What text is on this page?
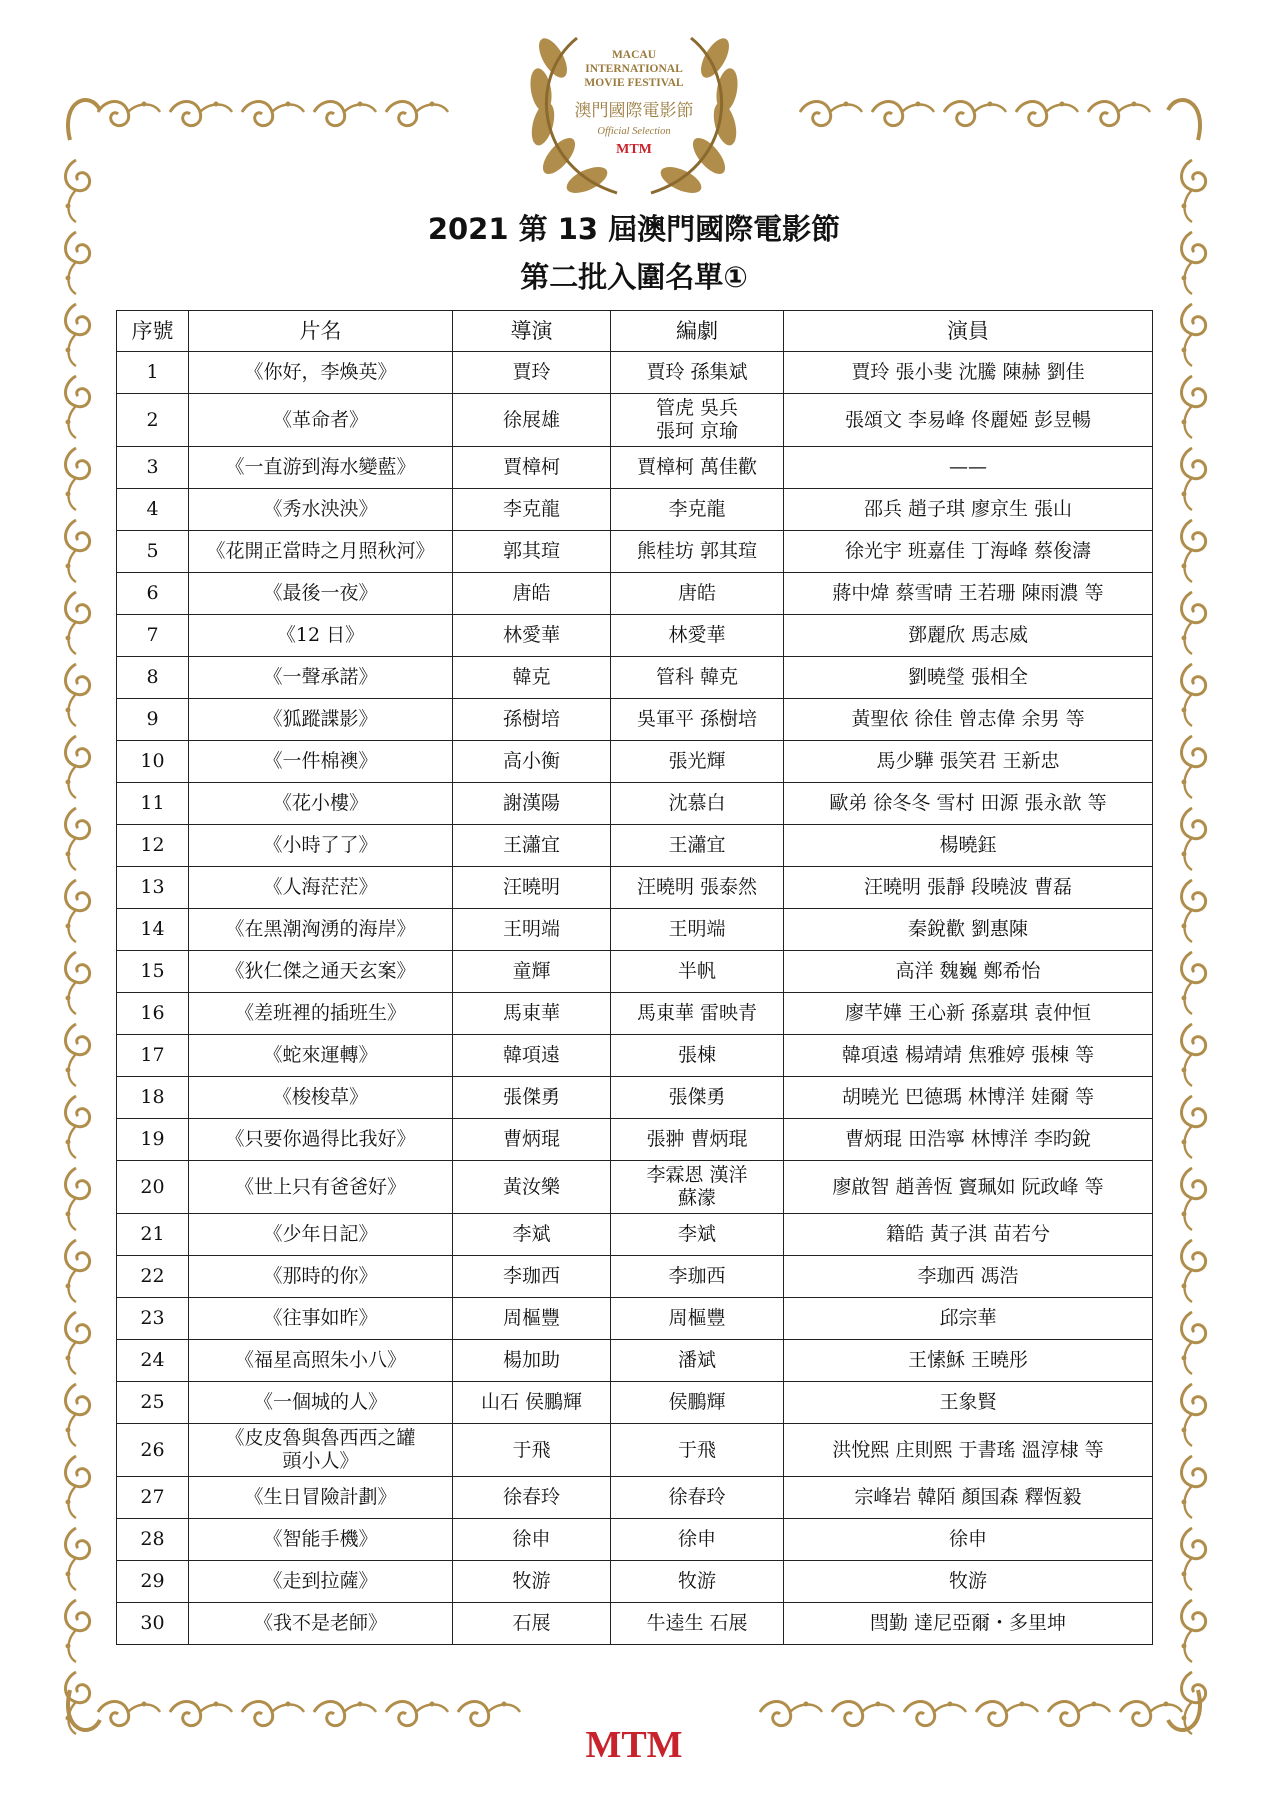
MACAU
INTERNATIONAL
MOVIE FESTIVAL
澳門國際電影節
Official Selection
MTM
2021 第 13 屆澳門國際電影節
第二批入圍名單①
序號	片名	導演	編劇	演員
1	《你好，李煥英》	賈玲	賈玲 孫集斌	賈玲 張小斐 沈騰 陳赫 劉佳
2	《革命者》	徐展雄	管虎 吳兵
張珂 京瑜	張頌文 李易峰 佟麗婭 彭昱暢
3	《一直游到海水變藍》	賈樟柯	賈樟柯 萬佳歡	——
4	《秀水泱泱》	李克龍	李克龍	邵兵 趙子琪 廖京生 張山
5	《花開正當時之月照秋河》	郭其瑄	熊桂坊 郭其瑄	徐光宇 班嘉佳 丁海峰 蔡俊濤
6	《最後一夜》	唐皓	唐皓	蔣中煒 蔡雪晴 王若珊 陳雨濃 等
7	《12 日》	林愛華	林愛華	鄧麗欣 馬志威
8	《一聲承諾》	韓克	管科 韓克	劉曉瑩 張相全
9	《狐蹤諜影》	孫樹培	吳軍平 孫樹培	黃聖依 徐佳 曾志偉 余男 等
10	《一件棉襖》	高小衡	張光輝	馬少驊 張笑君 王新忠
11	《花小樓》	謝漢陽	沈慕白	歐弟 徐冬冬 雪村 田源 張永歆 等
12	《小時了了》	王瀟宜	王瀟宜	楊曉鈺
13	《人海茫茫》	汪曉明	汪曉明 張泰然	汪曉明 張靜 段曉波 曹磊
14	《在黑潮洶湧的海岸》	王明端	王明端	秦銳歡 劉惠陳
15	《狄仁傑之通天玄案》	童輝	半帆	高洋 魏巍 鄭希怡
16	《差班裡的插班生》	馬東華	馬東華 雷映青	廖芊嬅 王心新 孫嘉琪 袁仲恒
17	《蛇來運轉》	韓項遠	張棟	韓項遠 楊靖靖 焦雅婷 張棟 等
18	《梭梭草》	張傑勇	張傑勇	胡曉光 巴德瑪 林博洋 娃爾 等
19	《只要你過得比我好》	曹炳琨	張翀 曹炳琨	曹炳琨 田浩寧 林博洋 李昀銳
20	《世上只有爸爸好》	黃汝樂	李霖恩 漢洋
蘇濛	廖啟智 趙善恆 竇珮如 阮政峰 等
21	《少年日記》	李斌	李斌	籍皓 黃子淇 苗若兮
22	《那時的你》	李珈西	李珈西	李珈西 馮浩
23	《往事如昨》	周樞豐	周樞豐	邱宗華
24	《福星高照朱小八》	楊加助	潘斌	王愫穌 王曉彤
25	《一個城的人》	山石 侯鵬輝	侯鵬輝	王象賢
26	《皮皮魯與魯西西之罐
頭小人》	于飛	于飛	洪悅熙 庄則熙 于書瑤 溫淳棣 等
27	《生日冒險計劃》	徐春玲	徐春玲	宗峰岩 韓陌 顏国森 釋恆毅
28	《智能手機》	徐申	徐申	徐申
29	《走到拉薩》	牧游	牧游	牧游
30	《我不是老師》	石展	牛逵生 石展	閆勤 達尼亞爾・多里坤
MTM
